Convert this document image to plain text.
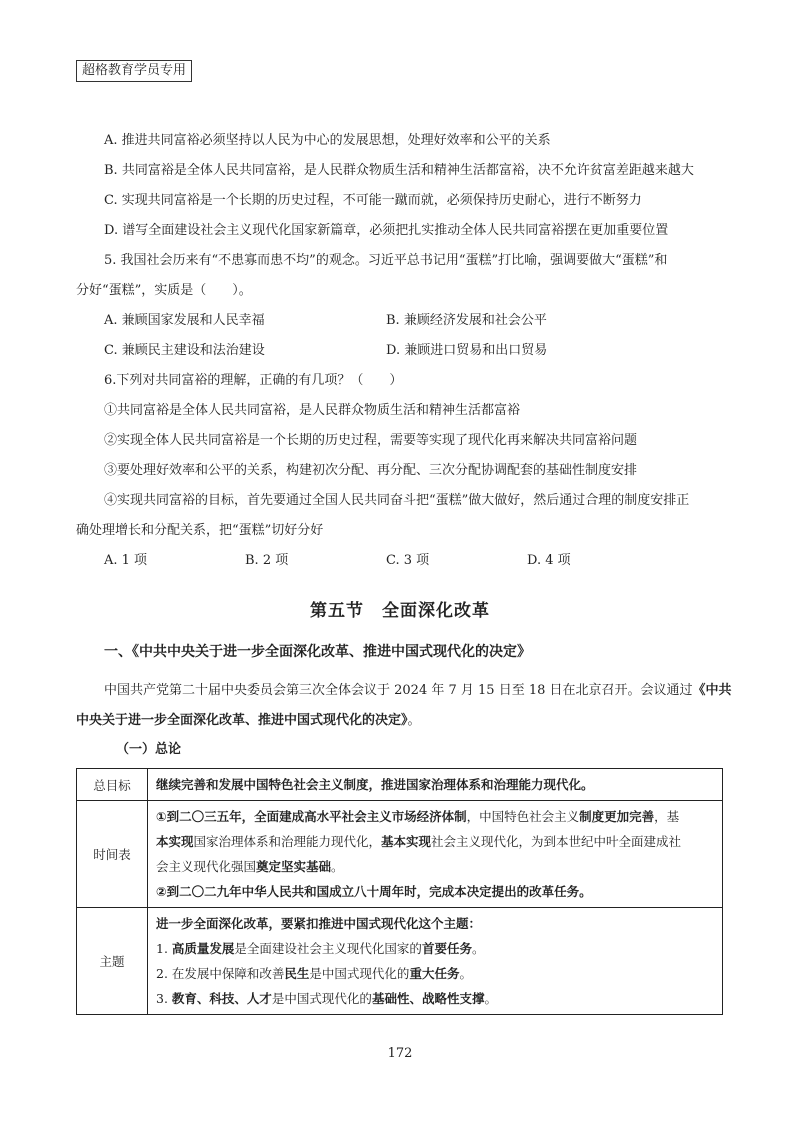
超格教育学员专用
A. 推进共同富裕必须坚持以人民为中心的发展思想，处理好效率和公平的关系
B. 共同富裕是全体人民共同富裕，是人民群众物质生活和精神生活都富裕，决不允许贫富差距越来越大
C. 实现共同富裕是一个长期的历史过程，不可能一蹴而就，必须保持历史耐心，进行不断努力
D. 谱写全面建设社会主义现代化国家新篇章，必须把扎实推动全体人民共同富裕摆在更加重要位置
5. 我国社会历来有“不患寡而患不均”的观念。习近平总书记用“蛋糕”打比喻，强调要做大“蛋糕”和
分好“蛋糕”，实质是（　　）。
A. 兼顾国家发展和人民幸福	B. 兼顾经济发展和社会公平
C. 兼顾民主建设和法治建设	D. 兼顾进口贸易和出口贸易
6.下列对共同富裕的理解，正确的有几项？（　　）
①共同富裕是全体人民共同富裕，是人民群众物质生活和精神生活都富裕
②实现全体人民共同富裕是一个长期的历史过程，需要等实现了现代化再来解决共同富裕问题
③要处理好效率和公平的关系，构建初次分配、再分配、三次分配协调配套的基础性制度安排
④实现共同富裕的目标，首先要通过全国人民共同奋斗把“蛋糕”做大做好，然后通过合理的制度安排正
确处理增长和分配关系，把“蛋糕”切好分好
A. 1 项	B. 2 项	C. 3 项	D. 4 项
第五节　全面深化改革
一、《中共中央关于进一步全面深化改革、推进中国式现代化的决定》
中国共产党第二十届中央委员会第三次全体会议于 2024 年 7 月 15 日至 18 日在北京召开。会议通过《中共
中央关于进一步全面深化改革、推进中国式现代化的决定》。
（一）总论
总目标	继续完善和发展中国特色社会主义制度，推进国家治理体系和治理能力现代化。
时间表	①到二〇三五年，全面建成高水平社会主义市场经济体制，中国特色社会主义制度更加完善，基
本实现国家治理体系和治理能力现代化，基本实现社会主义现代化，为到本世纪中叶全面建成社
会主义现代化强国奠定坚实基础。
②到二〇二九年中华人民共和国成立八十周年时，完成本决定提出的改革任务。

主题	进一步全面深化改革，要紧扣推进中国式现代化这个主题：
1. 高质量发展是全面建设社会主义现代化国家的首要任务。
2. 在发展中保障和改善民生是中国式现代化的重大任务。
3. 教育、科技、人才是中国式现代化的基础性、战略性支撑。
172
